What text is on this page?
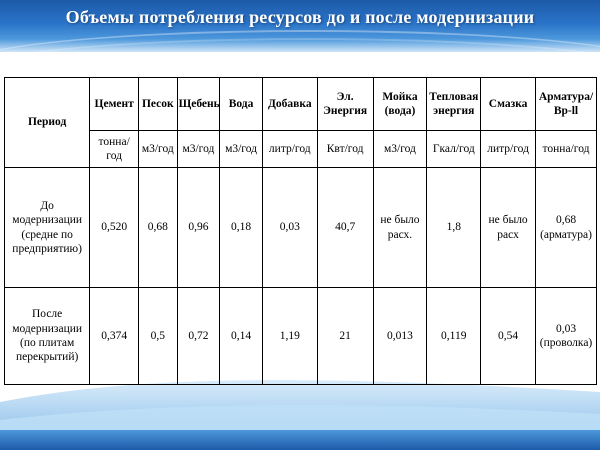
Объемы потребления ресурсов до и после модернизации
Период	Цемент	Песок	Щебень	Вода	Добавка	Эл. Энергия	Мойка (вода)	Тепловая энергия	Смазка	Арматура/ Вр-ll
	тонна/год	м3/год	м3/год	м3/год	литр/год	Квт/год	м3/год	Гкал/год	литр/год	тонна/год
До модернизации (средне по предприятию)	0,520	0,68	0,96	0,18	0,03	40,7	не было расх.	1,8	не было расх	0,68 (арматура)
После модернизации (по плитам перекрытий)	0,374	0,5	0,72	0,14	1,19	21	0,013	0,119	0,54	0,03 (проволка)
